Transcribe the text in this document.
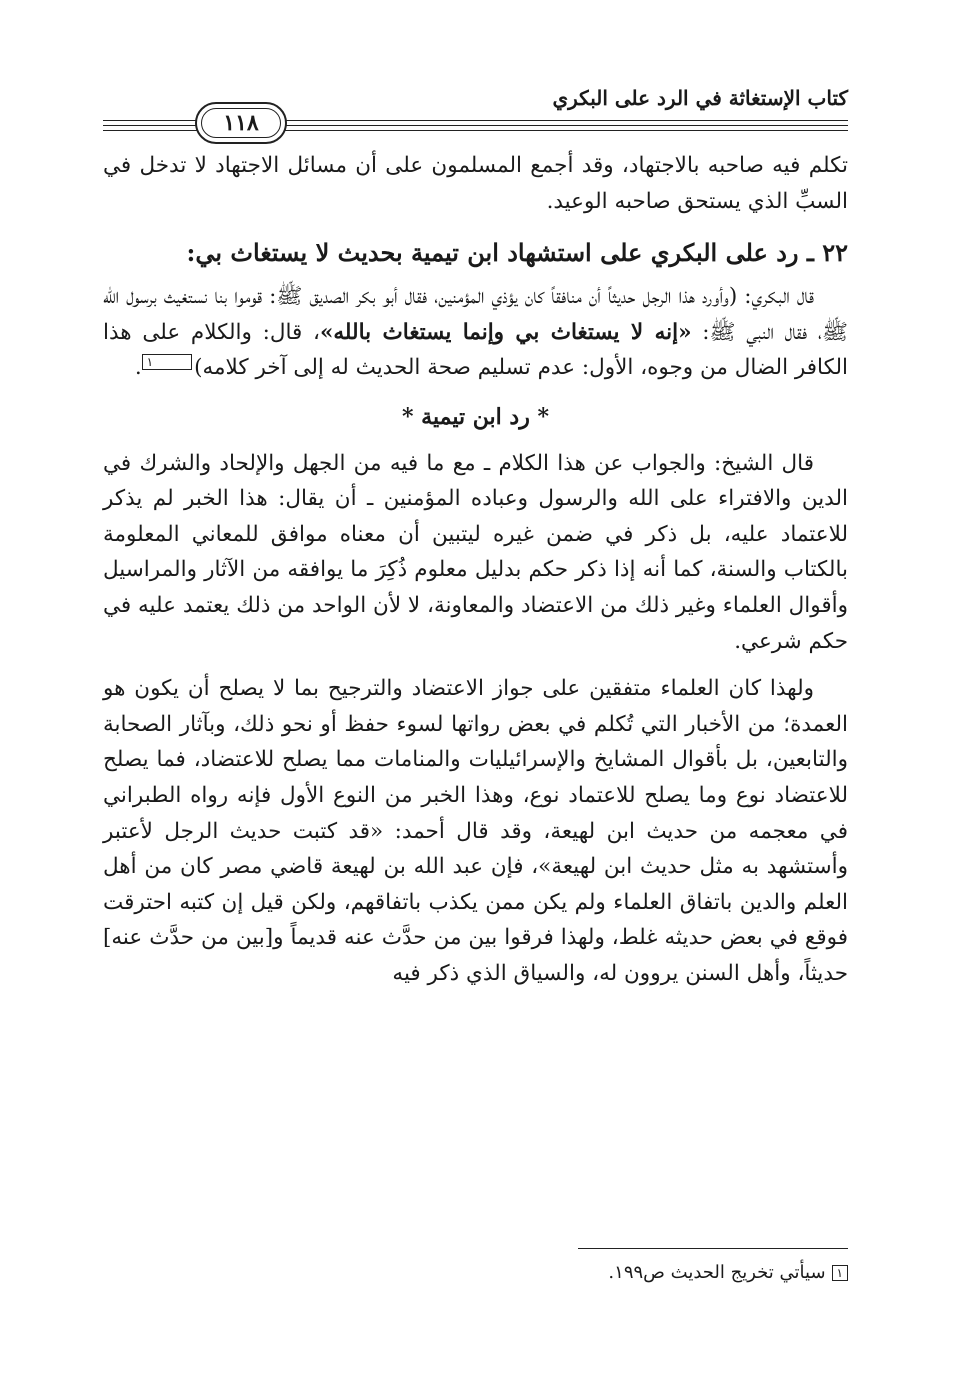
كتاب الإستغاثة في الرد على البكري
١١٨

تكلم فيه صاحبه بالاجتهاد، وقد أجمع المسلمون على أن مسائل الاجتهاد لا تدخل في السبِّ الذي يستحق صاحبه الوعيد.

٢٢ ـ رد على البكري على استشهاد ابن تيمية بحديث لا يستغاث بي:

قال البكري: (وأورد هذا الرجل حديثاً أن منافقاً كان يؤذي المؤمنين، فقال أبو بكر الصديق ﷺ: قوموا بنا نستغيث برسول الله ﷺ، فقال النبي ﷺ: «إنه لا يستغاث بي وإنما يستغاث بالله»، قال: والكلام على هذا الكافر الضال من وجوه، الأول: عدم تسليم صحة الحديث له إلى آخر كلامه)١.

* رد ابن تيمية *

قال الشيخ: والجواب عن هذا الكلام ـ مع ما فيه من الجهل والإلحاد والشرك في الدين والافتراء على الله والرسول وعباده المؤمنين ـ أن يقال: هذا الخبر لم يذكر للاعتماد عليه، بل ذكر في ضمن غيره ليتبين أن معناه موافق للمعاني المعلومة بالكتاب والسنة، كما أنه إذا ذكر حكم بدليل معلوم ذُكِرَ ما يوافقه من الآثار والمراسيل وأقوال العلماء وغير ذلك من الاعتضاد والمعاونة، لا لأن الواحد من ذلك يعتمد عليه في حكم شرعي.

ولهذا كان العلماء متفقين على جواز الاعتضاد والترجيح بما لا يصلح أن يكون هو العمدة؛ من الأخبار التي تُكلم في بعض رواتها لسوء حفظ أو نحو ذلك، وبآثار الصحابة والتابعين، بل بأقوال المشايخ والإسرائيليات والمنامات مما يصلح للاعتضاد، فما يصلح للاعتضاد نوع وما يصلح للاعتماد نوع، وهذا الخبر من النوع الأول فإنه رواه الطبراني في معجمه من حديث ابن لهيعة، وقد قال أحمد: «قد كتبت حديث الرجل لأعتبر وأستشهد به مثل حديث ابن لهيعة»، فإن عبد الله بن لهيعة قاضي مصر كان من أهل العلم والدين باتفاق العلماء ولم يكن ممن يكذب باتفاقهم، ولكن قيل إن كتبه احترقت فوقع في بعض حديثه غلط، ولهذا فرقوا بين من حدَّث عنه قديماً و[بين من حدَّث عنه] حديثاً، وأهل السنن يروون له، والسياق الذي ذكر فيه

١سيأتي تخريج الحديث ص١٩٩.
